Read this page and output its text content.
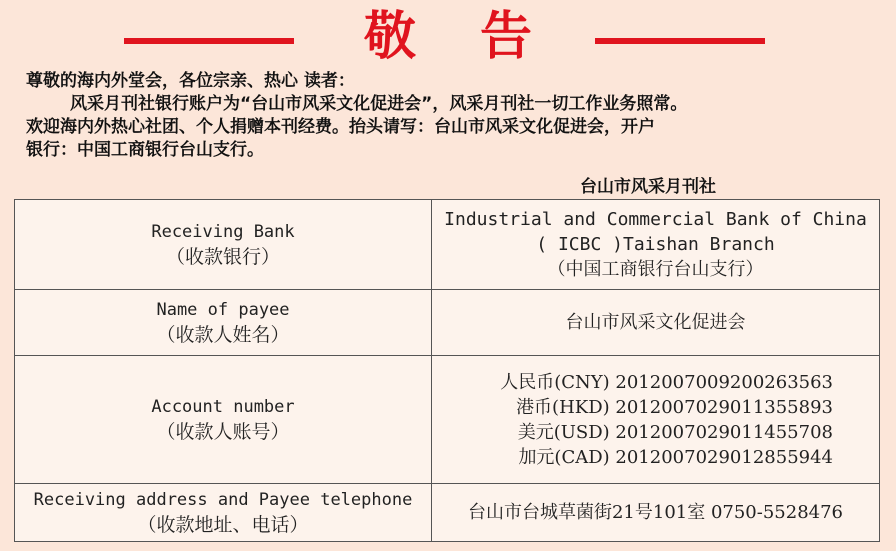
敬告

尊敬的海内外堂会，各位宗亲、热心 读者：

风采月刊社银行账户为“台山市风采文化促进会”，风采月刊社一切工作业务照常。

欢迎海内外热心社团、个人捐赠本刊经费。抬头请写：台山市风采文化促进会，开户

银行：中国工商银行台山支行。

台山市风采月刊社
Receiving Bank
（收款银行）	Industrial and Commercial Bank of China
( ICBC )Taishan Branch
（中国工商银行台山支行）

Name of payee
（收款人姓名）	台山市风采文化促进会

Account number
（收款人账号）	人民币(CNY) 2012007009200263563
港币(HKD) 2012007029011355893
美元(USD) 2012007029011455708
加元(CAD) 2012007029012855944

Receiving address and Payee telephone
（收款地址、电话）	台山市台城草菌街21号101室 0750-5528476
